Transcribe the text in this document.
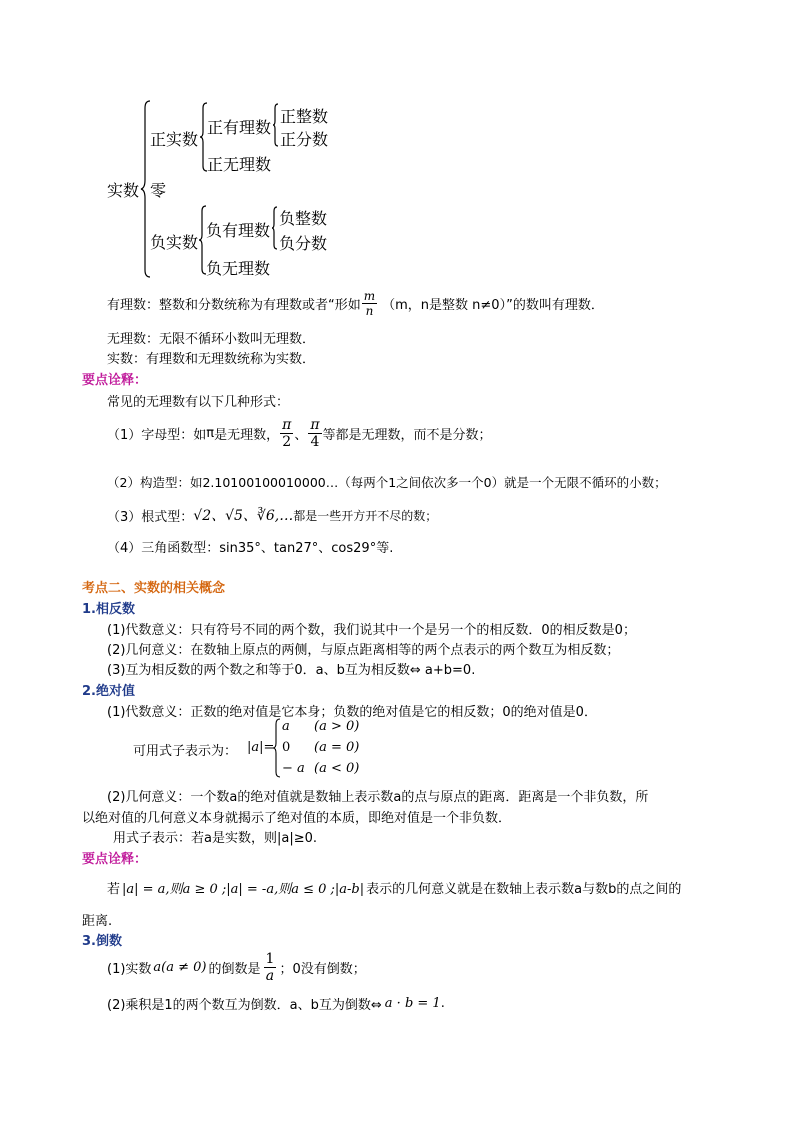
实数 零
正实数
正有理数
正整数
正分数
正无理数
负实数
负有理数
负整数
负分数
负无理数
有理数：整数和分数统称为有理数或者“形如 $\frac{m}{n} (m$，n是整数 n≠0）”的数叫有理数．
无理数：无限不循环小数叫无理数．
实数：有理数和无理数统称为实数．
要点诠释：
常见的无理数有以下几种形式：
（1）字母型：如 π 是无理数， $\frac{\pi}{2}$ 、 $\frac{\pi}{4}$ 等都是无理数，而不是分数；
（2）构造型：如2.10100100010000…（每两个1之间依次多一个0）就是一个无限不循环的小数；
（3）根式型： √2、√5、∛6,… 都是一些开方开不尽的数；
（4）三角函数型：sin35°、tan27°、cos29°等.
考点二、实数的相关概念
1.相反数
(1)代数意义：只有符号不同的两个数，我们说其中一个是另一个的相反数．0的相反数是0；
(2)几何意义：在数轴上原点的两侧，与原点距离相等的两个点表示的两个数互为相反数；
(3)互为相反数的两个数之和等于0．a、b互为相反数⇔ a+b=0.
2.绝对值
(1)代数意义：正数的绝对值是它本身；负数的绝对值是它的相反数；0的绝对值是0．
可用式子表示为： |a|=
a (a > 0)
0 (a = 0)
− a (a < 0)
(2)几何意义：一个数a的绝对值就是数轴上表示数a的点与原点的距离．距离是一个非负数，所
以绝对值的几何意义本身就揭示了绝对值的本质，即绝对值是一个非负数．
用式子表示：若a是实数，则|a|≥0.
要点诠释：
若 |a| = a,则a ≥ 0 ;|a| = -a,则a ≤ 0 ;|a-b| 表示的几何意义就是在数轴上表示数a与数b的点之间的
距离.
3.倒数
(1)实数 a(a ≠ 0) 的倒数是 $\frac{1}{a}$ ；0没有倒数；
(2)乘积是1的两个数互为倒数．a、b互为倒数⇔ a · b = 1 .
